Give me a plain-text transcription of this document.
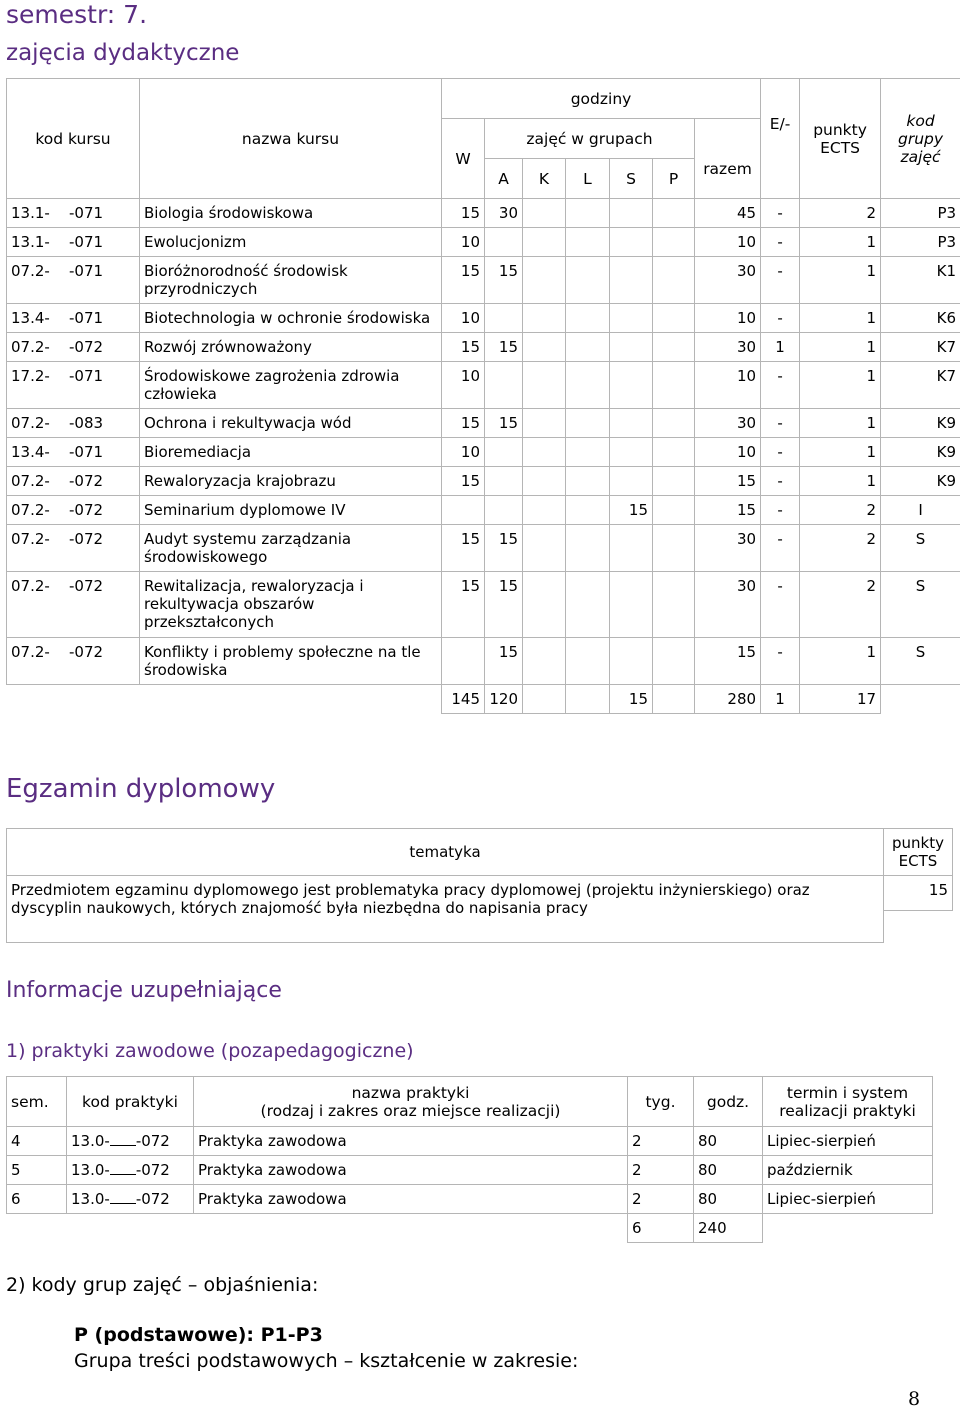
semestr: 7.
zajęcia dydaktyczne
kod kursu	nazwa kursu	godziny							E/-	punkty ECTS	kod grupy zajęć
		W	zajęć w grupach					razem			
			A	K	L	S	P				
13.1- -071	Biologia środowiskowa	15	30					45	-	2	P3
13.1- -071	Ewolucjonizm	10						10	-	1	P3
07.2- -071	Bioróżnorodność środowisk przyrodniczych	15	15					30	-	1	K1
13.4- -071	Biotechnologia w ochronie środowiska	10						10	-	1	K6
07.2- -072	Rozwój zrównoważony	15	15					30	1	1	K7
17.2- -071	Środowiskowe zagrożenia zdrowia człowieka	10						10	-	1	K7
07.2- -083	Ochrona i rekultywacja wód	15	15					30	-	1	K9
13.4- -071	Bioremediacja	10						10	-	1	K9
07.2- -072	Rewaloryzacja krajobrazu	15						15	-	1	K9
07.2- -072	Seminarium dyplomowe IV					15		15	-	2	I
07.2- -072	Audyt systemu zarządzania środowiskowego	15	15					30	-	2	S
07.2- -072	Rewitalizacja, rewaloryzacja i rekultywacja obszarów przekształconych	15	15					30	-	2	S
07.2- -072	Konflikty i problemy społeczne na tle środowiska		15					15	-	1	S
		145	120			15		280	1	17	
Egzamin dyplomowy
tematyka	punkty ECTS
Przedmiotem egzaminu dyplomowego jest problematyka pracy dyplomowej (projektu inżynierskiego) oraz dyscyplin naukowych, których znajomość była niezbędna do napisania pracy	15

Informacje uzupełniające
1) praktyki zawodowe (pozapedagogiczne)
sem.	kod praktyki	nazwa praktyki
(rodzaj i zakres oraz miejsce realizacji)	tyg.	godz.	termin i system realizacji praktyki
4	13.0- -072	Praktyka zawodowa	2	80	Lipiec-sierpień
5	13.0- -072	Praktyka zawodowa	2	80	październik
6	13.0- -072	Praktyka zawodowa	2	80	Lipiec-sierpień
			6	240	
2) kody grup zajęć – objaśnienia:
P (podstawowe): P1-P3
Grupa treści podstawowych – kształcenie w zakresie:
8
